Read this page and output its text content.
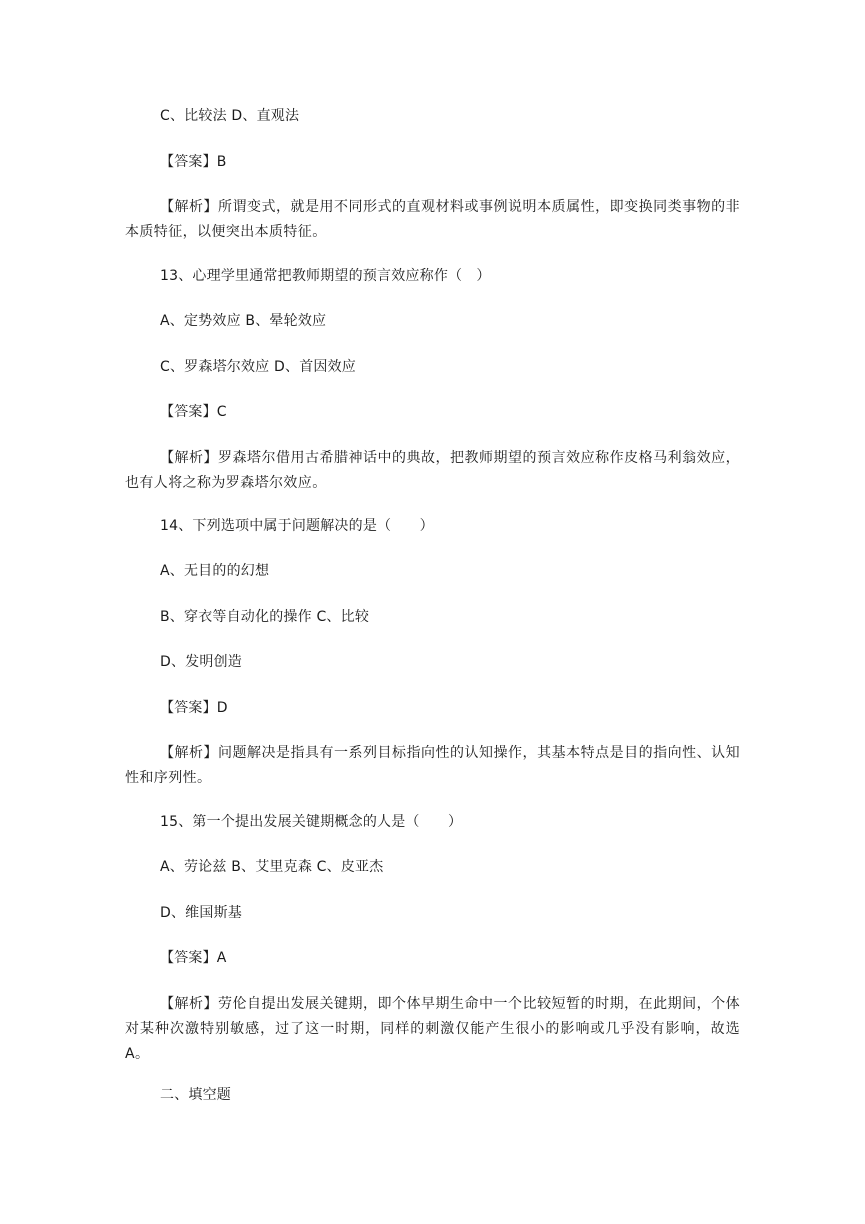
C、比较法 D、直观法
【答案】B
【解析】所谓变式，就是用不同形式的直观材料或事例说明本质属性，即变换同类事物的非本质特征，以便突出本质特征。
13、心理学里通常把教师期望的预言效应称作（　）
A、定势效应 B、晕轮效应
C、罗森塔尔效应 D、首因效应
【答案】C
【解析】罗森塔尔借用古希腊神话中的典故，把教师期望的预言效应称作皮格马利翁效应，也有人将之称为罗森塔尔效应。
14、下列选项中属于问题解决的是（　　）
A、无目的的幻想
B、穿衣等自动化的操作 C、比较
D、发明创造
【答案】D
【解析】问题解决是指具有一系列目标指向性的认知操作，其基本特点是目的指向性、认知性和序列性。
15、第一个提出发展关键期概念的人是（　　）
A、劳论兹 B、艾里克森 C、皮亚杰
D、维国斯基
【答案】A
【解析】劳伦自提出发展关键期，即个体早期生命中一个比较短暂的时期，在此期间，个体对某种次激特别敏感，过了这一时期，同样的刺激仅能产生很小的影响或几乎没有影响，故选 A。
二、填空题
